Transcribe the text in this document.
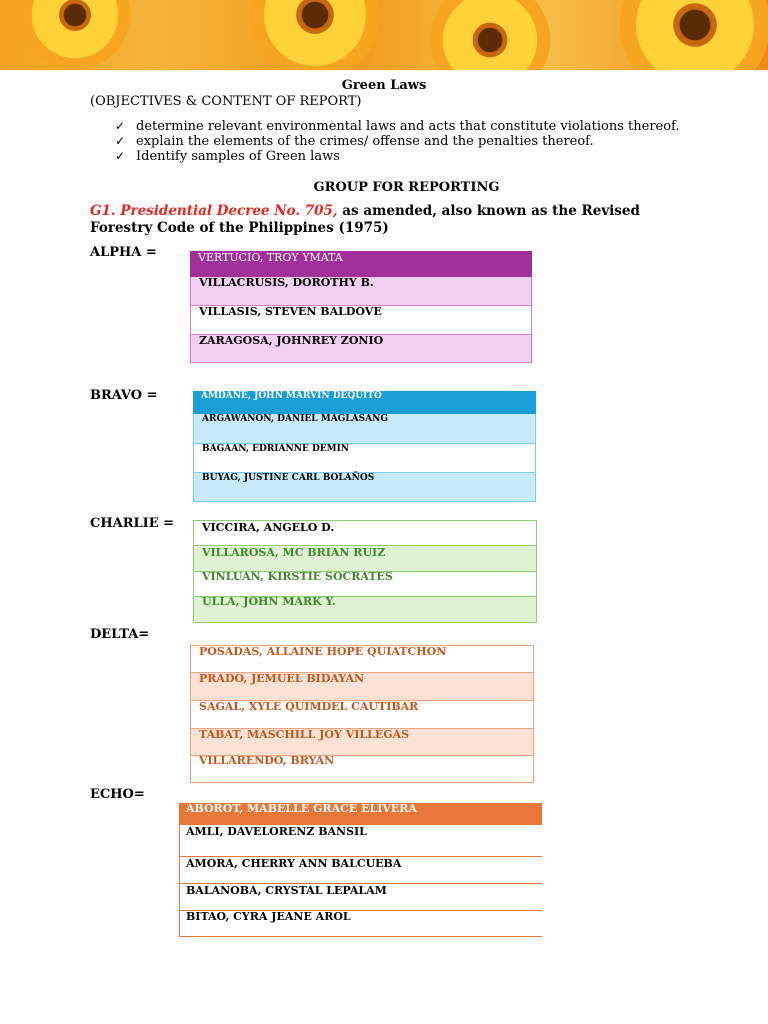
Green Laws
(OBJECTIVES & CONTENT OF REPORT)
✓ determine relevant environmental laws and acts that constitute violations thereof.
✓ explain the elements of the crimes/ offense and the penalties thereof.
✓ Identify samples of Green laws
GROUP FOR REPORTING
G1. Presidential Decree No. 705, as amended, also known as the Revised Forestry Code of the Philippines (1975)
ALPHA =	VERTUCIO, TROY YMATA
VILLACRUSIS, DOROTHY B.
VILLASIS, STEVEN BALDOVE
ZARAGOSA, JOHNREY ZONIO
BRAVO =	AMDANE, JOHN MARVIN DEQUITO
ARGAWANON, DANIEL MAGLASANG
BAGAAN, EDRIANNE DEMIN
BUYAG, JUSTINE CARL BOLAÑOS
CHARLIE =	VICCIRA, ANGELO D.
VILLAROSA, MC BRIAN RUIZ
VINLUAN, KIRSTIE SOCRATES
ULLA, JOHN MARK Y.
DELTA=
POSADAS, ALLAINE HOPE QUIATCHON
PRADO, JEMUEL BIDAYAN
SAGAL, XYLE QUIMDEL CAUTIBAR
TABAT, MASCHILL JOY VILLEGAS
VILLARENDO, BRYAN
ECHO=
ABOROT, MABELLE GRACE ELIVERA
AMLI, DAVELORENZ BANSIL
AMORA, CHERRY ANN BALCUEBA
BALANOBA, CRYSTAL LEPALAM
BITAO, CYRA JEANE AROL
